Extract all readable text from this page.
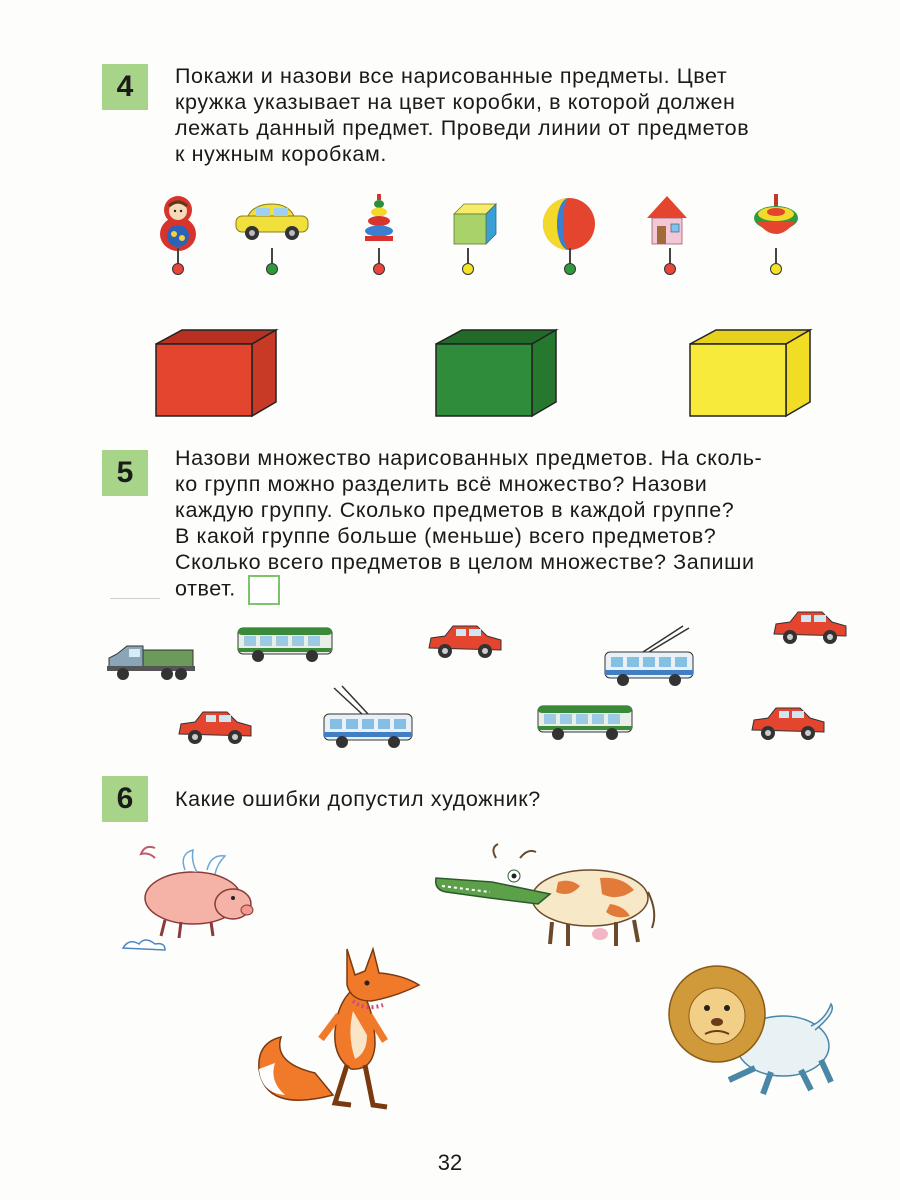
4	Покажи и назови все нарисованные предметы. Цвет

кружка указывает на цвет коробки, в которой должен

лежать данный предмет. Проведи линии от предметов

к нужным коробкам.

5	Назови множество нарисованных предметов. На сколь-

ко групп можно разделить всё множество? Назови

каждую группу. Сколько предметов в каждой группе?

В какой группе больше (меньше) всего предметов?

Сколько всего предметов в целом множестве? Запиши

ответ.

6	Какие ошибки допустил художник?

32
